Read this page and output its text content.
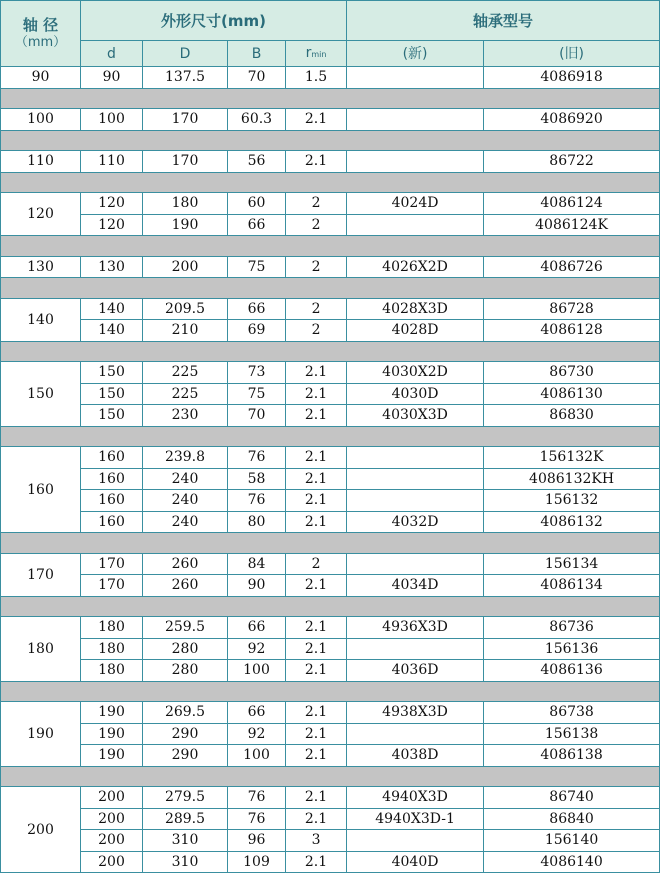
轴 径
（mm）	外形尺寸(mm)				轴承型号	
	d	D	B	rmin	(新)	(旧)
90	90	137.5	70	1.5		4086918

100	100	170	60.3	2.1		4086920

110	110	170	56	2.1		86722

120	120	180	60	2	4024D	4086124
	120	190	66	2		4086124K

130	130	200	75	2	4026X2D	4086726

140	140	209.5	66	2	4028X3D	86728
	140	210	69	2	4028D	4086128

150	150	225	73	2.1	4030X2D	86730
	150	225	75	2.1	4030D	4086130
	150	230	70	2.1	4030X3D	86830

160	160	239.8	76	2.1		156132K
	160	240	58	2.1		4086132KH
	160	240	76	2.1		156132
	160	240	80	2.1	4032D	4086132

170	170	260	84	2		156134
	170	260	90	2.1	4034D	4086134

180	180	259.5	66	2.1	4936X3D	86736
	180	280	92	2.1		156136
	180	280	100	2.1	4036D	4086136

190	190	269.5	66	2.1	4938X3D	86738
	190	290	92	2.1		156138
	190	290	100	2.1	4038D	4086138

200	200	279.5	76	2.1	4940X3D	86740
	200	289.5	76	2.1	4940X3D-1	86840
	200	310	96	3		156140
	200	310	109	2.1	4040D	4086140
